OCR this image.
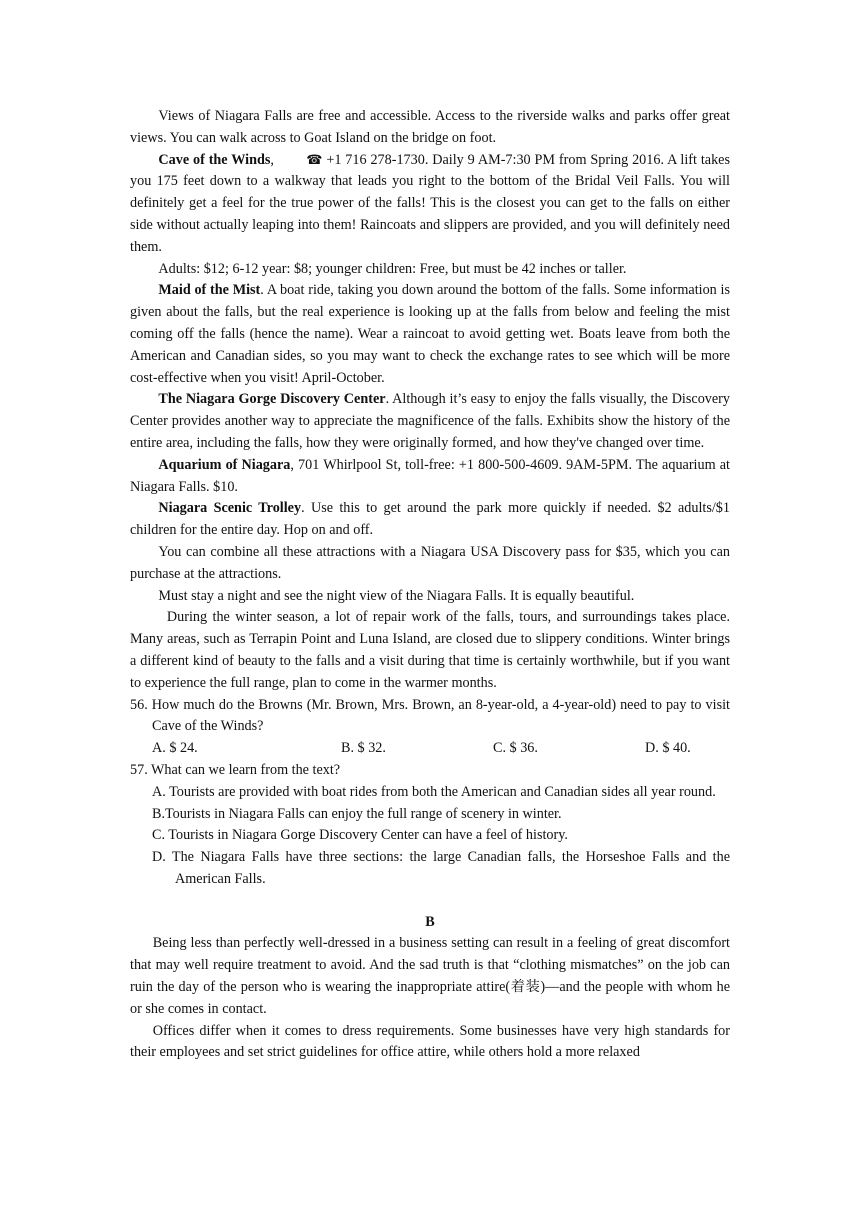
Views of Niagara Falls are free and accessible. Access to the riverside walks and parks offer great views. You can walk across to Goat Island on the bridge on foot.

Cave of the Winds, ☎ +1 716 278-1730. Daily 9 AM-7:30 PM from Spring 2016. A lift takes you 175 feet down to a walkway that leads you right to the bottom of the Bridal Veil Falls. You will definitely get a feel for the true power of the falls! This is the closest you can get to the falls on either side without actually leaping into them! Raincoats and slippers are provided, and you will definitely need them.

Adults: $12; 6-12 year: $8; younger children: Free, but must be 42 inches or taller.

Maid of the Mist. A boat ride, taking you down around the bottom of the falls. Some information is given about the falls, but the real experience is looking up at the falls from below and feeling the mist coming off the falls (hence the name). Wear a raincoat to avoid getting wet. Boats leave from both the American and Canadian sides, so you may want to check the exchange rates to see which will be more cost-effective when you visit! April-October.

The Niagara Gorge Discovery Center. Although it’s easy to enjoy the falls visually, the Discovery Center provides another way to appreciate the magnificence of the falls. Exhibits show the history of the entire area, including the falls, how they were originally formed, and how they've changed over time.

Aquarium of Niagara, 701 Whirlpool St, toll-free: +1 800-500-4609. 9AM-5PM. The aquarium at Niagara Falls. $10.

Niagara Scenic Trolley. Use this to get around the park more quickly if needed. $2 adults/$1 children for the entire day. Hop on and off.

You can combine all these attractions with a Niagara USA Discovery pass for $35, which you can purchase at the attractions.

Must stay a night and see the night view of the Niagara Falls. It is equally beautiful.

During the winter season, a lot of repair work of the falls, tours, and surroundings takes place. Many areas, such as Terrapin Point and Luna Island, are closed due to slippery conditions. Winter brings a different kind of beauty to the falls and a visit during that time is certainly worthwhile, but if you want to experience the full range, plan to come in the warmer months.

56. How much do the Browns (Mr. Brown, Mrs. Brown, an 8-year-old, a 4-year-old) need to pay to visit Cave of the Winds?
A. $ 24.	B. $ 32.	C. $ 36.	D. $ 40.
57. What can we learn from the text?
A. Tourists are provided with boat rides from both the American and Canadian sides all year round.
B.Tourists in Niagara Falls can enjoy the full range of scenery in winter.
C. Tourists in Niagara Gorge Discovery Center can have a feel of history.
D. The Niagara Falls have three sections: the large Canadian falls, the Horseshoe Falls and the American Falls.

B

Being less than perfectly well-dressed in a business setting can result in a feeling of great discomfort that may well require treatment to avoid. And the sad truth is that “clothing mismatches” on the job can ruin the day of the person who is wearing the inappropriate attire(着装)—and the people with whom he or she comes in contact.

Offices differ when it comes to dress requirements. Some businesses have very high standards for their employees and set strict guidelines for office attire, while others hold a more relaxed
